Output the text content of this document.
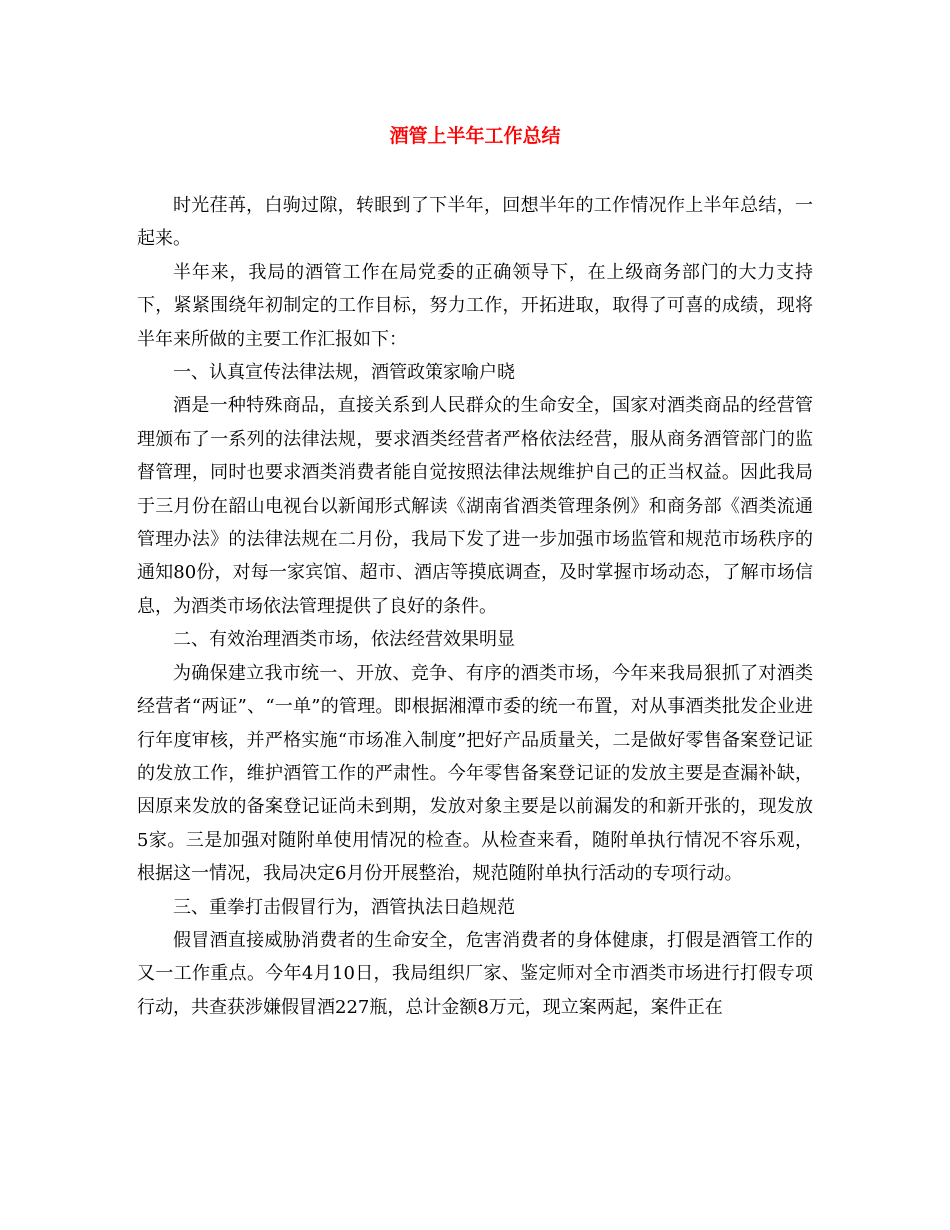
酒管上半年工作总结

时光荏苒，白驹过隙，转眼到了下半年，回想半年的工作情况作上半年总结，一起来。

半年来，我局的酒管工作在局党委的正确领导下，在上级商务部门的大力支持下，紧紧围绕年初制定的工作目标，努力工作，开拓进取，取得了可喜的成绩，现将半年来所做的主要工作汇报如下：

一、认真宣传法律法规，酒管政策家喻户晓

酒是一种特殊商品，直接关系到人民群众的生命安全，国家对酒类商品的经营管理颁布了一系列的法律法规，要求酒类经营者严格依法经营，服从商务酒管部门的监督管理，同时也要求酒类消费者能自觉按照法律法规维护自己的正当权益。因此我局于三月份在韶山电视台以新闻形式解读《湖南省酒类管理条例》和商务部《酒类流通管理办法》的法律法规在二月份，我局下发了进一步加强市场监管和规范市场秩序的通知80份，对每一家宾馆、超市、酒店等摸底调查，及时掌握市场动态，了解市场信息，为酒类市场依法管理提供了良好的条件。

二、有效治理酒类市场，依法经营效果明显

为确保建立我市统一、开放、竞争、有序的酒类市场，今年来我局狠抓了对酒类经营者“两证”、“一单”的管理。即根据湘潭市委的统一布置，对从事酒类批发企业进行年度审核，并严格实施“市场准入制度”把好产品质量关，二是做好零售备案登记证的发放工作，维护酒管工作的严肃性。今年零售备案登记证的发放主要是查漏补缺，因原来发放的备案登记证尚未到期，发放对象主要是以前漏发的和新开张的，现发放5家。三是加强对随附单使用情况的检查。从检查来看，随附单执行情况不容乐观，根据这一情况，我局决定6月份开展整治，规范随附单执行活动的专项行动。

三、重拳打击假冒行为，酒管执法日趋规范

假冒酒直接威胁消费者的生命安全，危害消费者的身体健康，打假是酒管工作的又一工作重点。今年4月10日，我局组织厂家、鉴定师对全市酒类市场进行打假专项行动，共查获涉嫌假冒酒227瓶，总计金额8万元，现立案两起，案件正在
